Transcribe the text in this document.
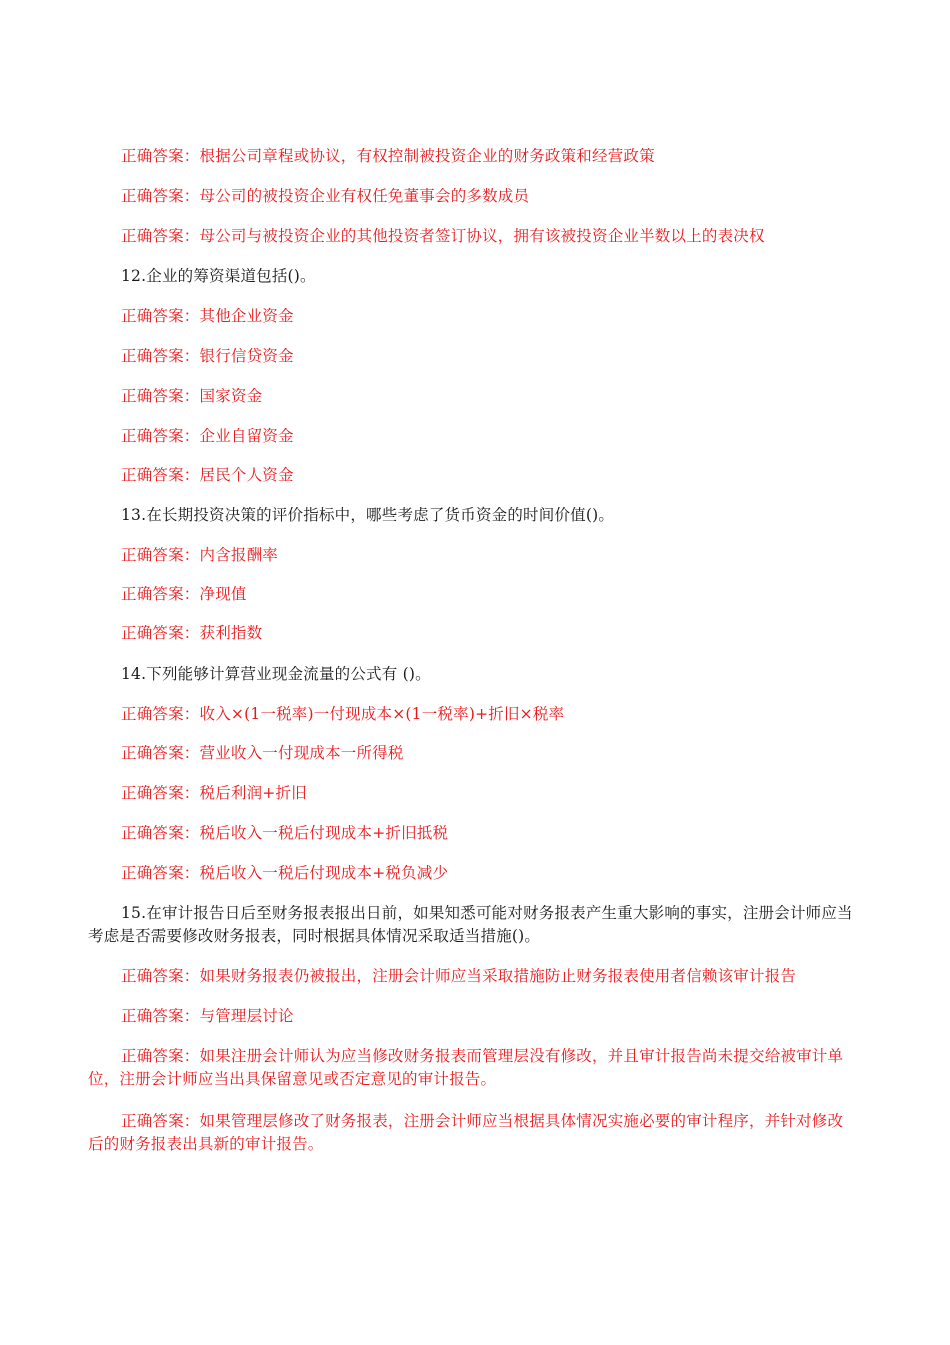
正确答案：根据公司章程或协议，有权控制被投资企业的财务政策和经营政策
正确答案：母公司的被投资企业有权任免董事会的多数成员
正确答案：母公司与被投资企业的其他投资者签订协议，拥有该被投资企业半数以上的表决权
12.企业的筹资渠道包括()。
正确答案：其他企业资金
正确答案：银行信贷资金
正确答案：国家资金
正确答案：企业自留资金
正确答案：居民个人资金
13.在长期投资决策的评价指标中，哪些考虑了货币资金的时间价值()。
正确答案：内含报酬率
正确答案：净现值
正确答案：获利指数
14.下列能够计算营业现金流量的公式有 ()。
正确答案：收入×(1一税率)一付现成本×(1一税率)+折旧×税率
正确答案：营业收入一付现成本一所得税
正确答案：税后利润+折旧
正确答案：税后收入一税后付现成本+折旧抵税
正确答案：税后收入一税后付现成本+税负减少
15.在审计报告日后至财务报表报出日前，如果知悉可能对财务报表产生重大影响的事实，注册会计师应当考虑是否需要修改财务报表，同时根据具体情况采取适当措施()。
正确答案：如果财务报表仍被报出，注册会计师应当采取措施防止财务报表使用者信赖该审计报告
正确答案：与管理层讨论
正确答案：如果注册会计师认为应当修改财务报表而管理层没有修改，并且审计报告尚未提交给被审计单位，注册会计师应当出具保留意见或否定意见的审计报告。
正确答案：如果管理层修改了财务报表，注册会计师应当根据具体情况实施必要的审计程序，并针对修改后的财务报表出具新的审计报告。
